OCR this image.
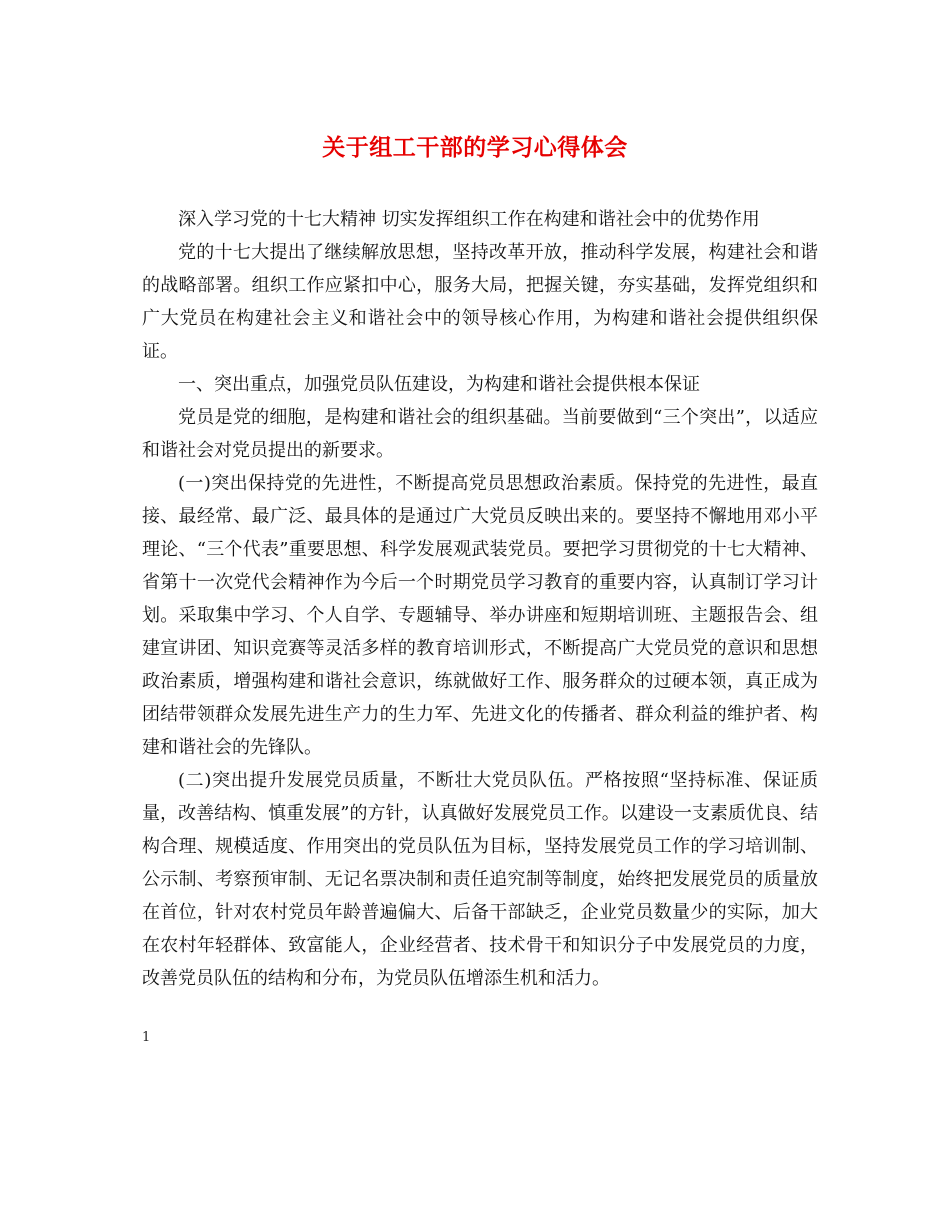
关于组工干部的学习心得体会

深入学习党的十七大精神 切实发挥组织工作在构建和谐社会中的优势作用

党的十七大提出了继续解放思想，坚持改革开放，推动科学发展，构建社会和谐的战略部署。组织工作应紧扣中心，服务大局，把握关键，夯实基础，发挥党组织和广大党员在构建社会主义和谐社会中的领导核心作用，为构建和谐社会提供组织保证。

一、突出重点，加强党员队伍建设，为构建和谐社会提供根本保证

党员是党的细胞，是构建和谐社会的组织基础。当前要做到“三个突出”，以适应和谐社会对党员提出的新要求。

(一)突出保持党的先进性，不断提高党员思想政治素质。保持党的先进性，最直接、最经常、最广泛、最具体的是通过广大党员反映出来的。要坚持不懈地用邓小平理论、“三个代表”重要思想、科学发展观武装党员。要把学习贯彻党的十七大精神、省第十一次党代会精神作为今后一个时期党员学习教育的重要内容，认真制订学习计划。采取集中学习、个人自学、专题辅导、举办讲座和短期培训班、主题报告会、组建宣讲团、知识竞赛等灵活多样的教育培训形式，不断提高广大党员党的意识和思想政治素质，增强构建和谐社会意识，练就做好工作、服务群众的过硬本领，真正成为团结带领群众发展先进生产力的生力军、先进文化的传播者、群众利益的维护者、构建和谐社会的先锋队。

(二)突出提升发展党员质量，不断壮大党员队伍。严格按照“坚持标准、保证质量，改善结构、慎重发展”的方针，认真做好发展党员工作。以建设一支素质优良、结构合理、规模适度、作用突出的党员队伍为目标，坚持发展党员工作的学习培训制、公示制、考察预审制、无记名票决制和责任追究制等制度，始终把发展党员的质量放在首位，针对农村党员年龄普遍偏大、后备干部缺乏，企业党员数量少的实际，加大在农村年轻群体、致富能人，企业经营者、技术骨干和知识分子中发展党员的力度，改善党员队伍的结构和分布，为党员队伍增添生机和活力。

1
